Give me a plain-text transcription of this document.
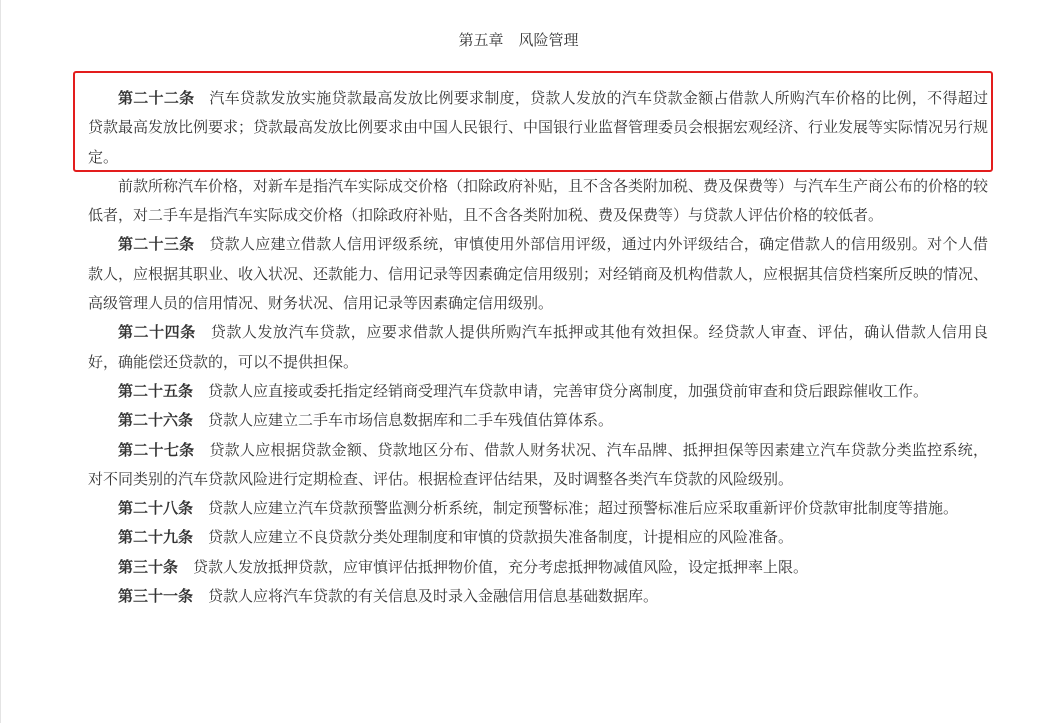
第五章　风险管理

第二十二条 汽车贷款发放实施贷款最高发放比例要求制度，贷款人发放的汽车贷款金额占借款人所购汽车价格的比例，不得超过贷款最高发放比例要求；贷款最高发放比例要求由中国人民银行、中国银行业监督管理委员会根据宏观经济、行业发展等实际情况另行规定。

前款所称汽车价格，对新车是指汽车实际成交价格（扣除政府补贴，且不含各类附加税、费及保费等）与汽车生产商公布的价格的较低者，对二手车是指汽车实际成交价格（扣除政府补贴，且不含各类附加税、费及保费等）与贷款人评估价格的较低者。

第二十三条 贷款人应建立借款人信用评级系统，审慎使用外部信用评级，通过内外评级结合，确定借款人的信用级别。对个人借款人，应根据其职业、收入状况、还款能力、信用记录等因素确定信用级别；对经销商及机构借款人，应根据其信贷档案所反映的情况、高级管理人员的信用情况、财务状况、信用记录等因素确定信用级别。

第二十四条 贷款人发放汽车贷款，应要求借款人提供所购汽车抵押或其他有效担保。经贷款人审查、评估，确认借款人信用良好，确能偿还贷款的，可以不提供担保。

第二十五条 贷款人应直接或委托指定经销商受理汽车贷款申请，完善审贷分离制度，加强贷前审查和贷后跟踪催收工作。

第二十六条 贷款人应建立二手车市场信息数据库和二手车残值估算体系。

第二十七条 贷款人应根据贷款金额、贷款地区分布、借款人财务状况、汽车品牌、抵押担保等因素建立汽车贷款分类监控系统，对不同类别的汽车贷款风险进行定期检查、评估。根据检查评估结果，及时调整各类汽车贷款的风险级别。

第二十八条 贷款人应建立汽车贷款预警监测分析系统，制定预警标准；超过预警标准后应采取重新评价贷款审批制度等措施。

第二十九条 贷款人应建立不良贷款分类处理制度和审慎的贷款损失准备制度，计提相应的风险准备。

第三十条 贷款人发放抵押贷款，应审慎评估抵押物价值，充分考虑抵押物减值风险，设定抵押率上限。

第三十一条 贷款人应将汽车贷款的有关信息及时录入金融信用信息基础数据库。
